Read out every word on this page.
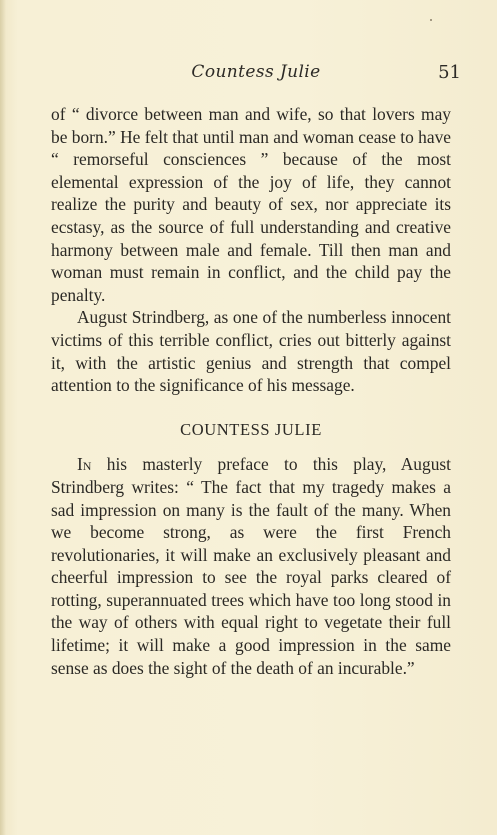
Countess Julie	51

of “ divorce between man and wife, so that lovers may be born.” He felt that until man and woman cease to have “ remorseful consciences ” because of the most elemental expression of the joy of life, they cannot realize the purity and beauty of sex, nor appreciate its ecstasy, as the source of full understanding and creative harmony between male and female. Till then man and woman must remain in conflict, and the child pay the penalty.

August Strindberg, as one of the numberless innocent victims of this terrible conflict, cries out bitterly against it, with the artistic genius and strength that compel attention to the significance of his message.

COUNTESS JULIE

In his masterly preface to this play, August Strindberg writes: “ The fact that my tragedy makes a sad impression on many is the fault of the many. When we become strong, as were the first French revolutionaries, it will make an exclusively pleasant and cheerful impression to see the royal parks cleared of rotting, superannuated trees which have too long stood in the way of others with equal right to vegetate their full lifetime; it will make a good impression in the same sense as does the sight of the death of an incurable.”
